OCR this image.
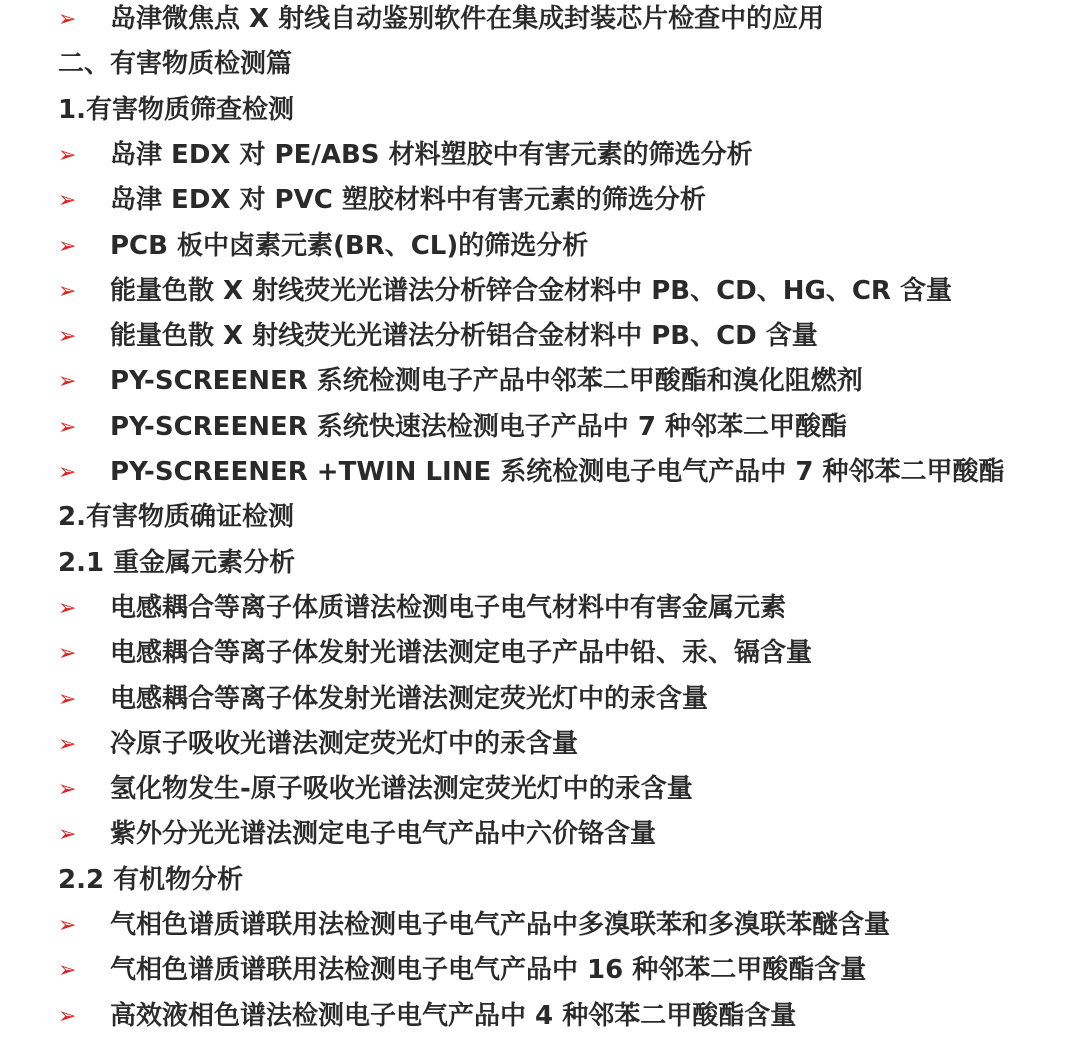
➢ 岛津微焦点 X 射线自动鉴别软件在集成封装芯片检查中的应用
二、有害物质检测篇
1.有害物质筛查检测
➢ 岛津 EDX 对 PE/ABS 材料塑胶中有害元素的筛选分析
➢ 岛津 EDX 对 PVC 塑胶材料中有害元素的筛选分析
➢ PCB 板中卤素元素(BR、CL)的筛选分析
➢ 能量色散 X 射线荧光光谱法分析锌合金材料中 PB、CD、HG、CR 含量
➢ 能量色散 X 射线荧光光谱法分析铝合金材料中 PB、CD 含量
➢ PY-SCREENER 系统检测电子产品中邻苯二甲酸酯和溴化阻燃剂
➢ PY-SCREENER 系统快速法检测电子产品中 7 种邻苯二甲酸酯
➢ PY-SCREENER +TWIN LINE 系统检测电子电气产品中 7 种邻苯二甲酸酯
2.有害物质确证检测
2.1 重金属元素分析
➢ 电感耦合等离子体质谱法检测电子电气材料中有害金属元素
➢ 电感耦合等离子体发射光谱法测定电子产品中铅、汞、镉含量
➢ 电感耦合等离子体发射光谱法测定荧光灯中的汞含量
➢ 冷原子吸收光谱法测定荧光灯中的汞含量
➢ 氢化物发生-原子吸收光谱法测定荧光灯中的汞含量
➢ 紫外分光光谱法测定电子电气产品中六价铬含量
2.2 有机物分析
➢ 气相色谱质谱联用法检测电子电气产品中多溴联苯和多溴联苯醚含量
➢ 气相色谱质谱联用法检测电子电气产品中 16 种邻苯二甲酸酯含量
➢ 高效液相色谱法检测电子电气产品中 4 种邻苯二甲酸酯含量
